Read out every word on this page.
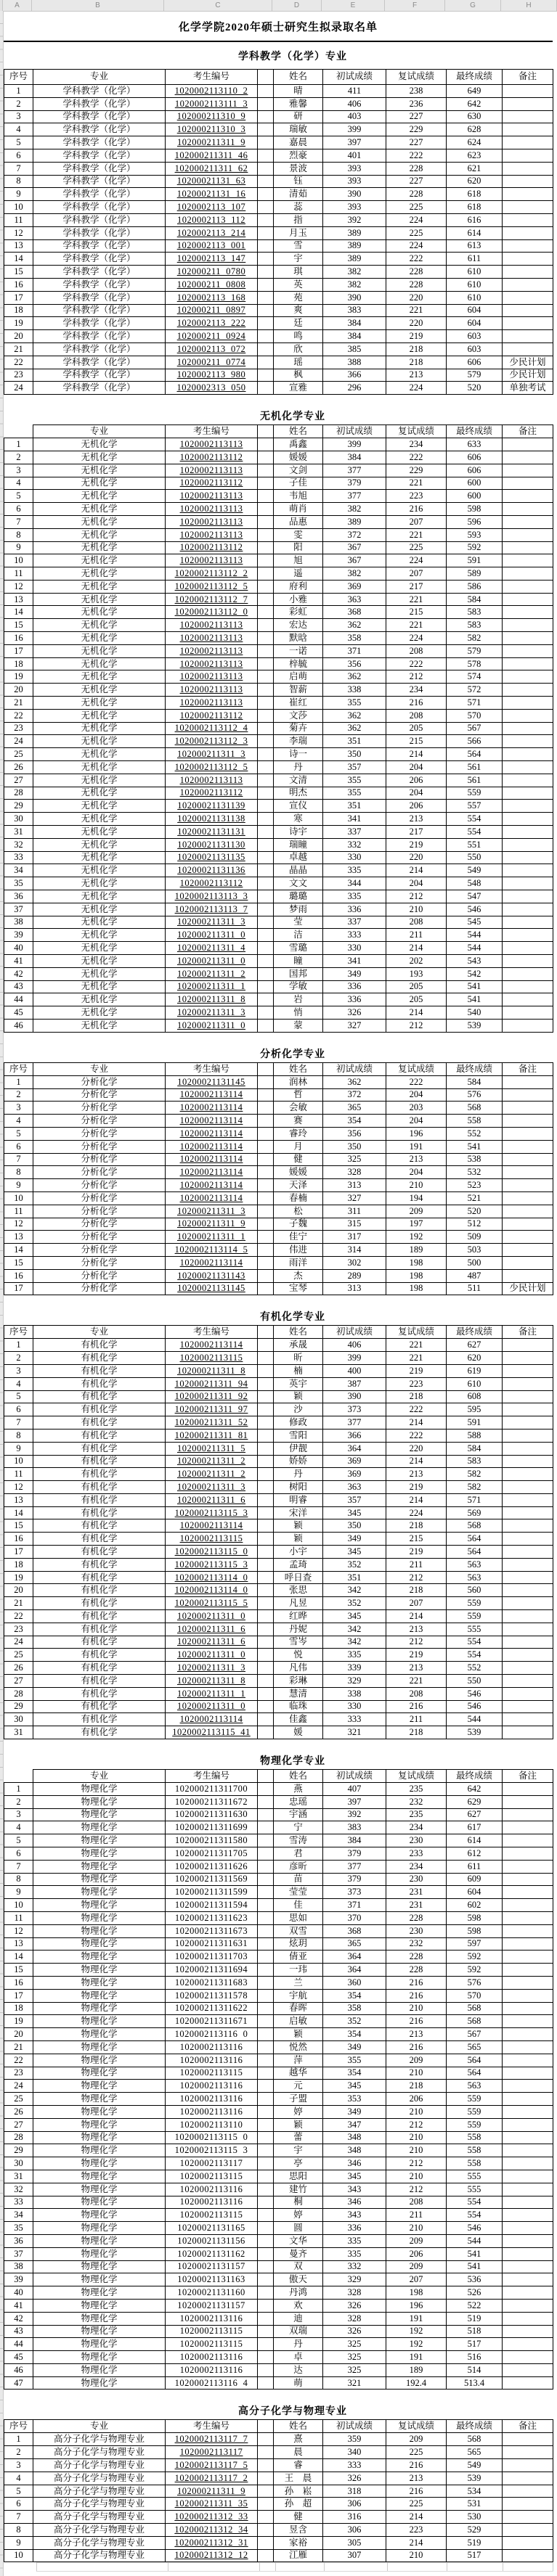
A	B	C	D	E	F	G	H
化学学院2020年硕士研究生拟录取名单
学科教学（化学）专业
序号	专业	考生编号		姓名	初试成绩	复试成绩	最终成绩	备注
1	学科教学（化学）	1020002113110  2		晴	411	238	649	
2	学科教学（化学）	1020002113111  3		雅馨	406	236	642	
3	学科教学（化学）	102000211310  9		研	403	227	630	
4	学科教学（化学）	102000211310  3		瑞敏	399	229	628	
5	学科教学（化学）	102000211311  9		嘉晨	397	227	624	
6	学科教学（化学）	102000211311  46		烈豪	401	222	623	
7	学科教学（化学）	102000211311  62		景波	393	228	621	
8	学科教学（化学）	10200021131  63		钰	393	227	620	
9	学科教学（化学）	10200021131  16		清茹	390	228	618	
10	学科教学（化学）	1020002113  107		蕊	393	225	618	
11	学科教学（化学）	1020002113  112		指	392	224	616	
12	学科教学（化学）	1020002113  214		月玉	389	225	614	
13	学科教学（化学）	1020002113  001		雪	389	224	613	
14	学科教学（化学）	1020002113  147		宇	389	222	611	
15	学科教学（化学）	102000211  0780		琪	382	228	610	
16	学科教学（化学）	102000211  0808		英	382	228	610	
17	学科教学（化学）	1020002113  168		苑	390	220	610	
18	学科教学（化学）	102000211  0897		爽	383	221	604	
19	学科教学（化学）	1020002113  222		廷	384	220	604	
20	学科教学（化学）	102000211  0924		鸣	384	219	603	
21	学科教学（化学）	1020002113  072		欣	385	218	603	
22	学科教学（化学）	102000211  0774		瑶	388	218	606	少民计划
23	学科教学（化学）	1020002113  980		枫	366	213	579	少民计划
24	学科教学（化学）	1020002313  050		宣雅	296	224	520	单独考试
无机化学专业
	专业	考生编号		姓名	初试成绩	复试成绩	最终成绩	备注
1	无机化学	1020002113113		禹鑫	399	234	633	
2	无机化学	1020002113112		媛媛	384	222	606	
3	无机化学	1020002113113		文剑	377	229	606	
4	无机化学	1020002113112		子佳	379	221	600	
5	无机化学	1020002113113		韦旭	377	223	600	
6	无机化学	1020002113113		萌肖	382	216	598	
7	无机化学	1020002113113		品惠	389	207	596	
8	无机化学	1020002113113		雯	372	221	593	
9	无机化学	1020002113112		阳	367	225	592	
10	无机化学	1020002113113		旭	367	224	591	
11	无机化学	1020002113112  2		遥	382	207	589	
12	无机化学	1020002113112  5		府利	369	217	586	
13	无机化学	1020002113112  7		小雅	363	221	584	
14	无机化学	1020002113112  0		彩虹	368	215	583	
15	无机化学	1020002113113		宏达	362	221	583	
16	无机化学	1020002113113		默晗	358	224	582	
17	无机化学	1020002113113		一诺	371	208	579	
18	无机化学	1020002113113		梓毓	356	222	578	
19	无机化学	1020002113113		启萌	362	212	574	
20	无机化学	1020002113113		智薪	338	234	572	
21	无机化学	1020002113113		崔红	355	216	571	
22	无机化学	1020002113112		文莎	362	208	570	
23	无机化学	1020002113112  4		菊卉	362	205	567	
24	无机化学	1020002113112  3		李瑞	351	215	566	
25	无机化学	102000211311  3		诗一	350	214	564	
26	无机化学	1020002113112  5		丹	357	204	561	
27	无机化学	1020002113113		文清	355	206	561	
28	无机化学	1020002113112		明杰	355	204	559	
29	无机化学	10200021131139		宣仪	351	206	557	
30	无机化学	10200021131138		寒	341	213	554	
31	无机化学	10200021131131		诗宇	337	217	554	
32	无机化学	10200021131130		瑞瞳	332	219	551	
33	无机化学	10200021131135		卓越	330	220	550	
34	无机化学	10200021131136		晶晶	335	214	549	
35	无机化学	1020002113112		文文	344	204	548	
36	无机化学	1020002113113  3		璐璐	335	212	547	
37	无机化学	1020002113113  7		梦雨	336	210	546	
38	无机化学	102000211311  3		莹	337	208	545	
39	无机化学	102000211311  0		洁	333	211	544	
40	无机化学	102000211311  4		雪璐	330	214	544	
41	无机化学	102000211311  0		瞳	341	202	543	
42	无机化学	102000211311  2		国邦	349	193	542	
43	无机化学	102000211311  1		学敏	336	205	541	
44	无机化学	102000211311  8		岩	336	205	541	
45	无机化学	102000211311  3		悄	326	214	540	
46	无机化学	102000211311  0		蒙	327	212	539	
分析化学专业
序号	专业	考生编号		姓名	初试成绩	复试成绩	最终成绩	备注
1	分析化学	10200021131145		润林	362	222	584	
2	分析化学	1020002113114		哲	372	204	576	
3	分析化学	1020002113114		会敏	365	203	568	
4	分析化学	1020002113114		赛	354	204	558	
5	分析化学	1020002113114		睿玲	356	196	552	
6	分析化学	1020002113114		月	350	191	541	
7	分析化学	1020002113114		健	325	213	538	
8	分析化学	1020002113114		媛媛	328	204	532	
9	分析化学	1020002113114		天泽	313	210	523	
10	分析化学	1020002113114		春楠	327	194	521	
11	分析化学	102000211311  3		松	311	209	520	
12	分析化学	102000211311  9		子魏	315	197	512	
13	分析化学	102000211311  1		佳宁	317	192	509	
14	分析化学	1020002113114  5		伟进	314	189	503	
15	分析化学	1020002113114		雨洋	302	198	500	
16	分析化学	10200021131143		杰	289	198	487	
17	分析化学	10200021131145		宝琴	313	198	511	少民计划
有机化学专业
序号	专业	考生编号		姓名	初试成绩	复试成绩	最终成绩	备注
1	有机化学	1020002113114		承晟	406	221	627	
2	有机化学	1020002113115		昕	399	221	620	
3	有机化学	102000211311  8		楠	400	219	619	
4	有机化学	102000211311  94		英宇	387	223	610	
5	有机化学	102000211311  92		颖	390	218	608	
6	有机化学	102000211311  97		沙	373	222	595	
7	有机化学	102000211311  52		修政	377	214	591	
8	有机化学	102000211311  81		雪阳	366	222	588	
9	有机化学	102000211311  5		伊靓	364	220	584	
10	有机化学	102000211311  2		娇娇	369	214	583	
11	有机化学	102000211311  2		丹	369	213	582	
12	有机化学	102000211311  3		树阳	363	219	582	
13	有机化学	102000211311  6		明睿	357	214	571	
14	有机化学	1020002113115  3		宋洋	345	224	569	
15	有机化学	1020002113114		颖	350	218	568	
16	有机化学	1020002113115		颖	349	215	564	
17	有机化学	1020002113115  0		小宇	345	219	564	
18	有机化学	1020002113115  3		孟琦	352	211	563	
19	有机化学	1020002113114  0		呼日查	351	212	563	
20	有机化学	1020002113114  0		张思	342	218	560	
21	有机化学	1020002113115  5		凡昱	352	207	559	
22	有机化学	102000211311  0		红晔	345	214	559	
23	有机化学	102000211311  6		丹妮	342	213	555	
24	有机化学	102000211311  6		雪岑	342	212	554	
25	有机化学	102000211311  0		悦	335	219	554	
26	有机化学	102000211311  3		凡伟	339	213	552	
27	有机化学	102000211311  8		彩琳	329	221	550	
28	有机化学	102000211311  1		慧清	338	208	546	
29	有机化学	102000211311  0		临珠	330	216	546	
30	有机化学	1020002113114		佳鑫	333	211	544	
31	有机化学	1020002113115  41		媛	321	218	539	
物理化学专业
	专业	考生编号		姓名	初试成绩	复试成绩	最终成绩	备注
1	物理化学	102000211311700		燕	407	235	642	
2	物理化学	102000211311672		忠瑶	397	232	629	
3	物理化学	102000211311630		宇涵	392	235	627	
4	物理化学	102000211311699		宁	383	234	617	
5	物理化学	102000211311580		雪涛	384	230	614	
6	物理化学	102000211311705		君	379	233	612	
7	物理化学	102000211311626		彦昕	377	234	611	
8	物理化学	102000211311569		苗	379	230	609	
9	物理化学	102000211311599		莹莹	373	231	604	
10	物理化学	102000211311594		佳	371	231	602	
11	物理化学	102000211311623		思如	370	228	598	
12	物理化学	102000211311673		双雪	368	230	598	
13	物理化学	102000211311631		炫玥	365	232	597	
14	物理化学	102000211311703		倩亚	364	228	592	
15	物理化学	102000211311694		一玮	364	228	592	
16	物理化学	102000211311683		兰	360	216	576	
17	物理化学	102000211311578		宇航	354	216	570	
18	物理化学	102000211311622		春晖	358	210	568	
19	物理化学	102000211311671		启敏	352	216	568	
20	物理化学	1020002113116  0		颖	354	213	567	
21	物理化学	1020002113116		悦然	349	216	565	
22	物理化学	1020002113116		萍	355	209	564	
23	物理化学	1020002113115		越华	354	210	564	
24	物理化学	1020002113116		元	345	218	563	
25	物理化学	1020002113116		子盟	353	206	559	
26	物理化学	1020002113116		婷	349	210	559	
27	物理化学	1020002113110		颖	347	212	559	
28	物理化学	1020002113115  0		蕾	348	210	558	
29	物理化学	1020002113115  3		宇	348	210	558	
30	物理化学	1020002113117		亭	346	212	558	
31	物理化学	1020002113115		思阳	345	210	555	
32	物理化学	1020002113116		建竹	343	212	555	
33	物理化学	1020002113116		桐	346	208	554	
34	物理化学	1020002113115		婷	343	211	554	
35	物理化学	10200021131165		圆	336	210	546	
36	物理化学	10200021131156		文华	335	209	544	
37	物理化学	10200021131162		曼齐	335	206	541	
38	物理化学	10200021131157		双	332	209	541	
39	物理化学	10200021131163		傲天	329	207	536	
40	物理化学	10200021131160		丹鸿	328	198	526	
41	物理化学	10200021131157		欢	326	196	522	
42	物理化学	1020002113116		迪	328	191	519	
43	物理化学	1020002113115		双瑞	326	192	518	
44	物理化学	1020002113115		丹	325	192	517	
45	物理化学	1020002113116		卓	325	191	516	
46	物理化学	1020002113116		达	325	189	514	
47	物理化学	1020002113116  4		萌	321	192.4	513.4	
高分子化学与物理专业
序号	专业	考生编号		姓名	初试成绩	复试成绩	最终成绩	备注
1	高分子化学与物理专业	1020002113117  7		熹	359	209	568	
2	高分子化学与物理专业	1020002113117		晨	340	225	565	
3	高分子化学与物理专业	1020002113117  5		睿	333	216	549	
4	高分子化学与物理专业	1020002113117  2		王　晨	326	213	539	
5	高分子化学与物理专业	102000211311  9		孙　崧	318	216	534	
6	高分子化学与物理专业	102000211311  35		孙　超	306	225	531	
7	高分子化学与物理专业	102000211312  33		健	316	214	530	
8	高分子化学与物理专业	102000211312  34		昱含	306	223	529	
9	高分子化学与物理专业	102000211312  31		家裕	305	214	519	
10	高分子化学与物理专业	102000211312  12		江雁	307	210	517	
